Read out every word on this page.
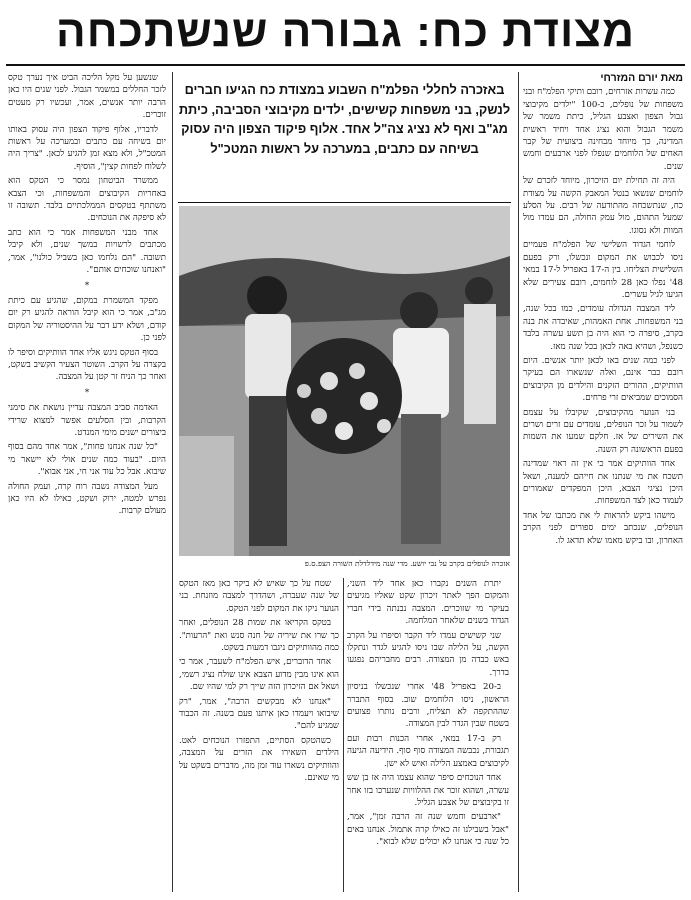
מצודת כח: גבורה שנשתכחה

מאת יורם המזרחי

כמה עשרות אזרחים, רובם ותיקי הפלמ"ח ובני משפחות של נופלים, כ-100 "ילדים מקיבוצי גבול הצפון ואצבע הגליל, כיתת משמר של משמר הגבול והוא נציג אחד ויחיד ראשית המדינה, כך מיוחד מבחינה ביצועית של קבר האחים של הלוחמים שנפלו לפני ארבעים וחמש שנים.

היה זה תחילת יום הזיכרון, מיוחד לזכרם של לוחמים שנשאו בנטל המאבק הקשה על מצודת כח, שנתשכחה מהתודעה של רבים. על הסלע שמעל התהום, מול עמק החולה, הם עמדו מול המוות ולא נסוגו.

לוחמי הגדוד השלישי של הפלמ"ח פעמיים ניסו לכבוש את המקום ונכשלו, ורק בפעם השלישית הצליחו. בין ה-17 באפריל ל-17 במאי 48' נפלו כאן 28 לוחמים, רובם צעירים שלא הגיעו לגיל עשרים.

ליד המצבה הגדולה עומדים, כמו בכל שנה, בני המשפחות. אחת האמהות, שאיבדה את בנה בקרב, סיפרה כי הוא היה בן תשע עשרה בלבד כשנפל, ושהיא באה לכאן בכל שנה מאז.

לפני כמה שנים באו לכאן יותר אנשים. היום רובם כבר אינם, ואלה שנשארו הם בעיקר הוותיקים, ההורים הזקנים והילדים מן הקיבוצים הסמוכים שמביאים זרי פרחים.

בני הנוער מהקיבוצים, שקיבלו על עצמם לשמור על זכר הנופלים, עומדים עם זרים ושרים את השירים של אז. חלקם שמעו את השמות בפעם הראשונה רק השנה.

אחד הוותיקים אמר כי אין זה ראוי שמדינה תשכח את מי שנתנו את חייהם למענה, ושאל היכן נציגי הצבא, היכן המפקדים שאמורים לעמוד כאן לצד המשפחות.

מישהו ביקש להראות לי את מכתבו של אחד הנופלים, שנכתב ימים ספורים לפני הקרב האחרון, ובו ביקש מאמו שלא תדאג לו.

באזכרה לחללי הפלמ"ח השבוע במצודת כח הגיעו חברים לנשק, בני משפחות קשישים, ילדים מקיבוצי הסביבה, כיתת מג"ב ואף לא נציג צה"ל אחד. אלוף פיקוד הצפון היה עסוק בשיחה עם כתבים, במערכה על ראשות המטכ"ל
אזכרה לנופלים בקרב על נבי יושע. מדי שנה מידלדלת השורה הצפ.ס.פ

יתרת השנים נקברו כאן אחד ליד השני, והמקום הפך לאתר זיכרון שקט שאליו מגיעים בעיקר מי שזוכרים. המצבה נבנתה בידי חברי הגדוד בשנים שלאחר המלחמה.

שני קשישים עמדו ליד הקבר וסיפרו על הקרב הקשה, על הלילה שבו ניסו להגיע לגדר ונתקלו באש כבדה מן המצודה. רבים מחבריהם נפגעו בדרך.

ב-20 באפריל 48' אחרי שנכשלו בניסיון הראשון, ניסו הלוחמים שוב. בסוף התברר שההתקפה לא תצליח, ורבים נותרו פצועים בשטח שבין הגדר לבין המצודה.

רק ב-17 במאי, אחרי הכנות רבות ועם תגבורת, נכבשה המצודה סוף סוף. הידיעה הגיעה לקיבוצים באמצע הלילה ואיש לא ישן.

אחד הנוכחים סיפר שהוא עצמו היה אז בן שש עשרה, ושהוא זוכר את ההלוויות שנערכו בזו אחר זו בקיבוצים של אצבע הגליל.

"ארבעים וחמש שנה זה הרבה זמן", אמר, "אבל בשבילנו זה כאילו קרה אתמול. אנחנו באים כל שנה כי אנחנו לא יכולים שלא לבוא".

שטח על כך שאיש לא ביקר כאן מאז הטקס של שנה שעברה, ושהדרך למצבה מוזנחת. בני הנוער ניקו את המקום לפני הטקס.

בטקס הקריאו את שמות 28 הנופלים, ואחר כך שרו את שיריה של חנה סנש ואת "הרעות". כמה מהוותיקים ניגבו דמעות בשקט.

אחד הדוברים, איש הפלמ"ח לשעבר, אמר כי הוא אינו מבין מדוע הצבא אינו שולח נציג רשמי, ושאל אם הזיכרון הזה שייך רק למי שהיו שם.

"אנחנו לא מבקשים הרבה", אמר, "רק שיבואו ויעמדו כאן איתנו פעם בשנה. זה הכבוד שמגיע להם".

כשהטקס הסתיים, התפזרו הנוכחים לאט. הילדים השאירו את הזרים על המצבה, והוותיקים נשארו עוד זמן מה, מדברים בשקט על מי שאינם.

שנשען על מקל הליכה הביט איך נערך טקס לזכר החללים במשמר הגבול. לפני שנים היו כאן הרבה יותר אנשים, אמר, ועכשיו רק מעטים זוכרים.

לדבריו, אלוף פיקוד הצפון היה עסוק באותו יום בשיחה עם כתבים ובמערכה על ראשות המטכ"ל, ולא מצא זמן להגיע לכאן. "צריך היה לשלוח לפחות קצין", הוסיף.

ממשרד הביטחון נמסר כי הטקס הוא באחריות הקיבוצים והמשפחות, וכי הצבא משתתף בטקסים הממלכתיים בלבד. תשובה זו לא סיפקה את הנוכחים.

אחד מבני המשפחות אמר כי הוא כתב מכתבים לרשויות במשך שנים, ולא קיבל תשובה. "הם נלחמו כאן בשביל כולנו", אמר, "ואנחנו שוכחים אותם".

*

מפקד המשמרת במקום, שהגיע עם כיתת מג"ב, אמר כי הוא קיבל הוראה להגיע רק יום קודם, ושלא ידע דבר על ההיסטוריה של המקום לפני כן.

בסוף הטקס ניגש אליו אחד הוותיקים וסיפר לו בקצרה על הקרב. השוטר הצעיר הקשיב בשקט, ואחר כך הניח זר קטן על המצבה.

*

האדמה סביב המצבה עדיין נושאת את סימני הקרבות, ובין הסלעים אפשר למצוא שרידי ביצורים ישנים מימי המנדט.

"כל שנה אנחנו פחות", אמר אחד מהם בסוף היום. "בעוד כמה שנים אולי לא יישאר מי שיבוא. אבל כל עוד אני חי, אני אבוא".

מעל המצודה נשבה רוח קרה, ועמק החולה נפרש למטה, ירוק ושקט, כאילו לא היו כאן מעולם קרבות.
